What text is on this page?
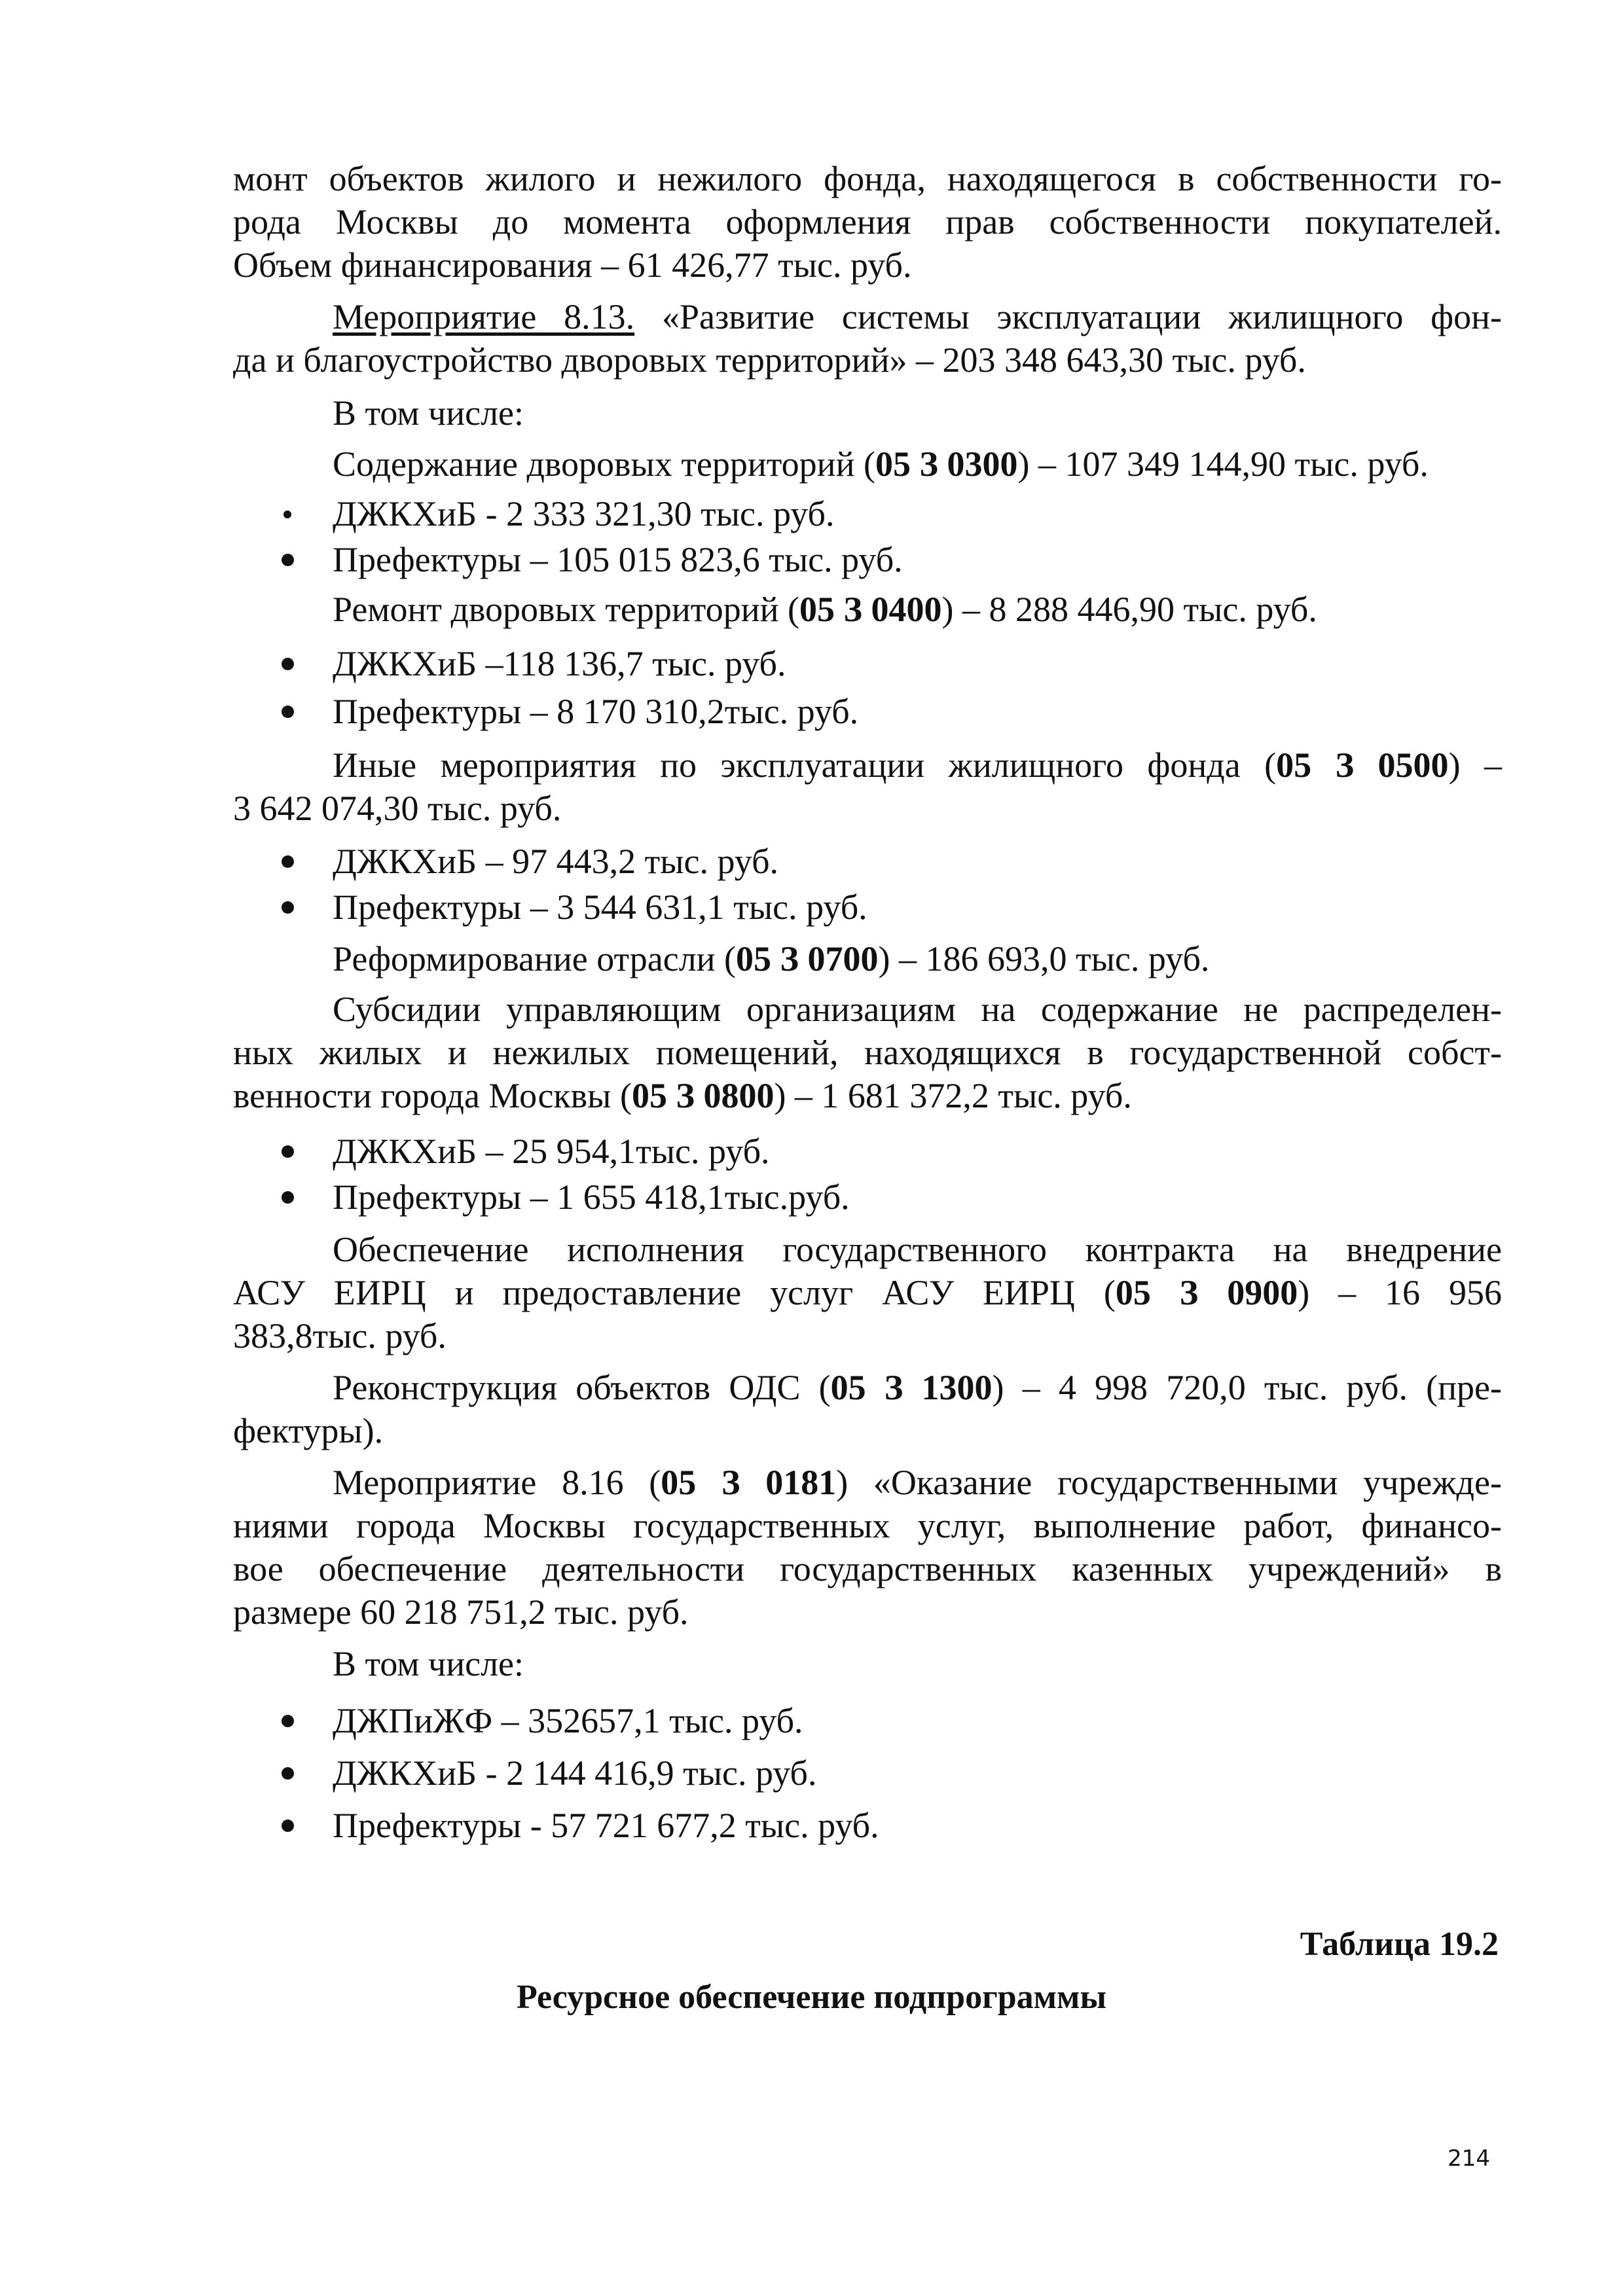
монт объектов жилого и нежилого фонда, находящегося в собственности го-
рода Москвы до момента оформления прав собственности покупателей.
Объем финансирования – 61 426,77 тыс. руб.
Мероприятие 8.13. «Развитие системы эксплуатации жилищного фон-
да и благоустройство дворовых территорий» – 203 348 643,30 тыс. руб.
В том числе:
Содержание дворовых территорий (05 З 0300) – 107 349 144,90 тыс. руб.
ДЖКХиБ - 2 333 321,30 тыс. руб.
Префектуры – 105 015 823,6 тыс. руб.
Ремонт дворовых территорий (05 З 0400) – 8 288 446,90 тыс. руб.
ДЖКХиБ –118 136,7 тыс. руб.
Префектуры – 8 170 310,2тыс. руб.
Иные мероприятия по эксплуатации жилищного фонда (05 З 0500) –
3 642 074,30 тыс. руб.
ДЖКХиБ – 97 443,2 тыс. руб.
Префектуры – 3 544 631,1 тыс. руб.
Реформирование отрасли (05 З 0700) – 186 693,0 тыс. руб.
Субсидии управляющим организациям на содержание не распределен-
ных жилых и нежилых помещений, находящихся в государственной собст-
венности города Москвы (05 З 0800) – 1 681 372,2 тыс. руб.
ДЖКХиБ – 25 954,1тыс. руб.
Префектуры – 1 655 418,1тыс.руб.
Обеспечение исполнения государственного контракта на внедрение
АСУ ЕИРЦ и предоставление услуг АСУ ЕИРЦ (05 З 0900) – 16 956
383,8тыс. руб.
Реконструкция объектов ОДС (05 З 1300) – 4 998 720,0 тыс. руб. (пре-
фектуры).
Мероприятие 8.16 (05 З 0181) «Оказание государственными учрежде-
ниями города Москвы государственных услуг, выполнение работ, финансо-
вое обеспечение деятельности государственных казенных учреждений» в
размере 60 218 751,2 тыс. руб.
В том числе:
ДЖПиЖФ – 352657,1 тыс. руб.
ДЖКХиБ - 2 144 416,9 тыс. руб.
Префектуры - 57 721 677,2 тыс. руб.
Таблица 19.2
Ресурсное обеспечение подпрограммы
214
